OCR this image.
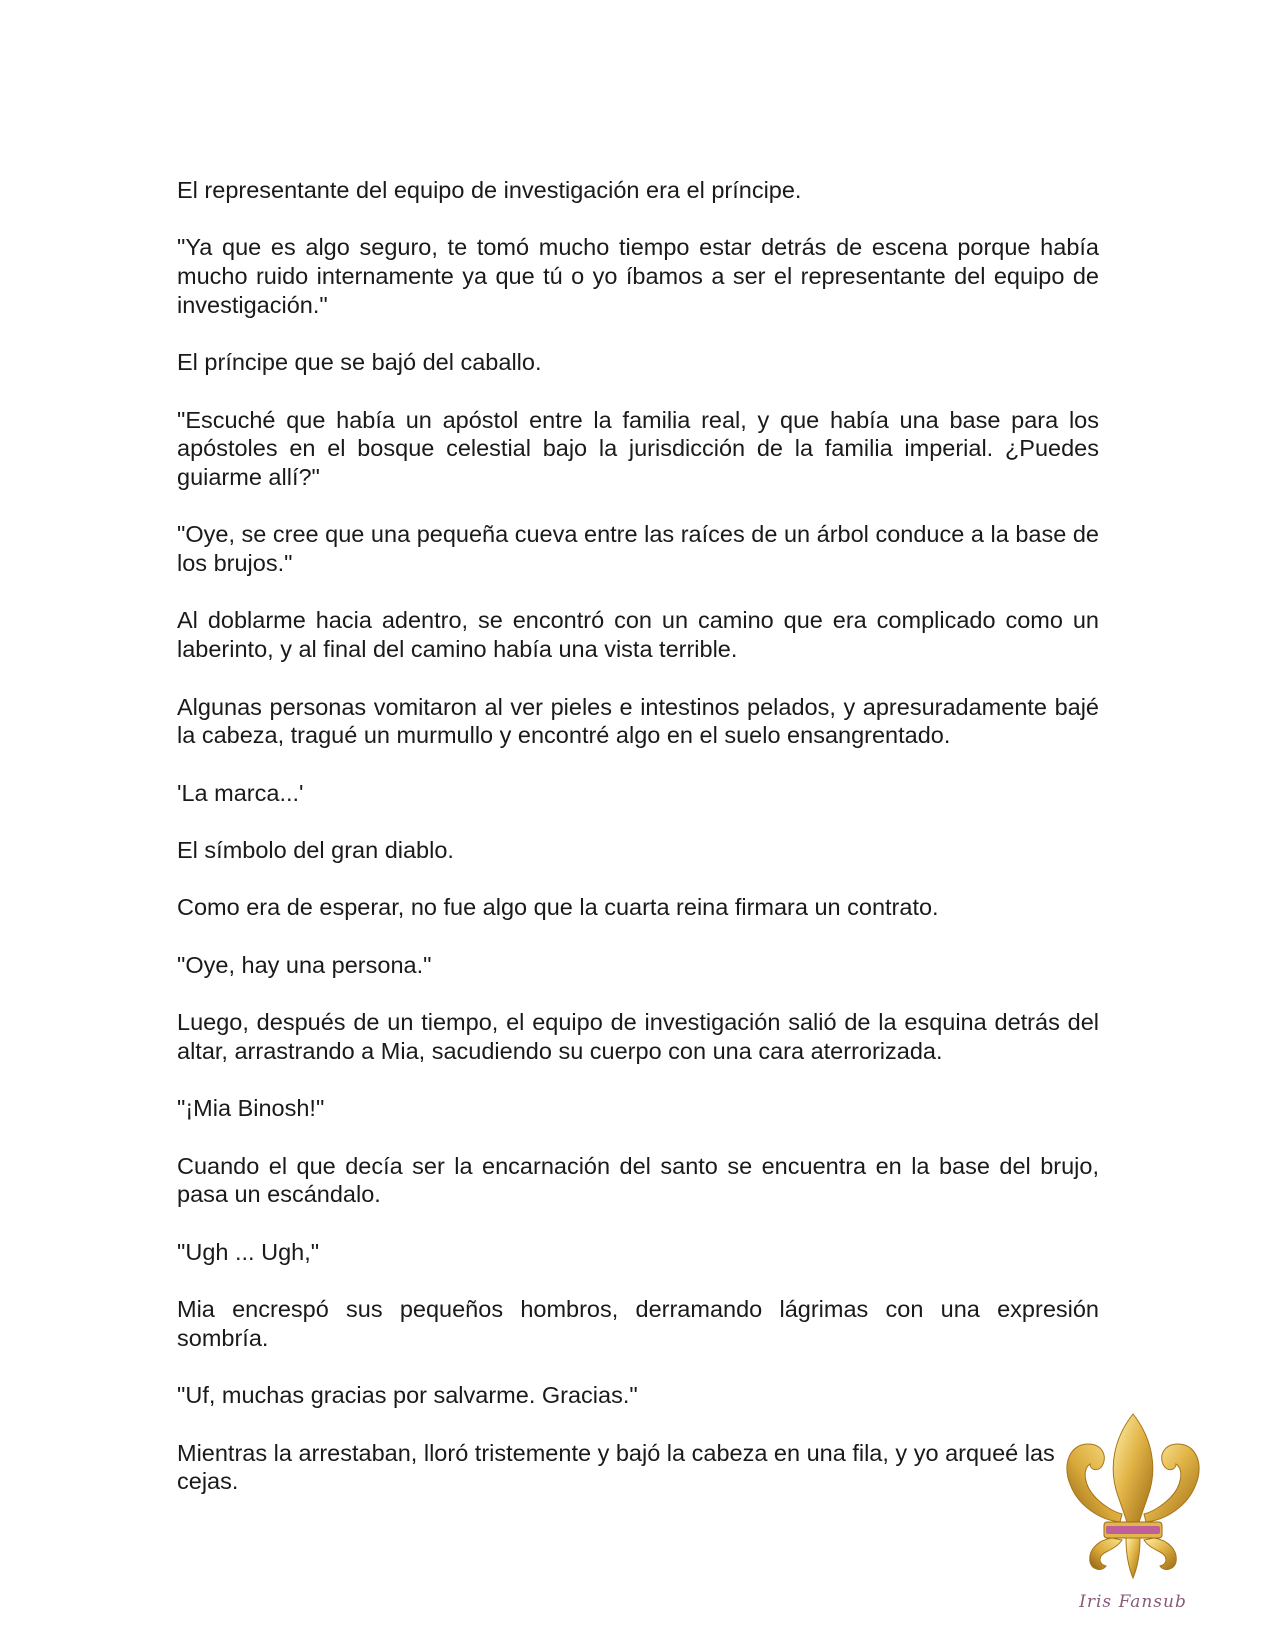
El representante del equipo de investigación era el príncipe.

"Ya que es algo seguro, te tomó mucho tiempo estar detrás de escena porque había mucho ruido internamente ya que tú o yo íbamos a ser el representante del equipo de investigación."

El príncipe que se bajó del caballo.

"Escuché que había un apóstol entre la familia real, y que había una base para los apóstoles en el bosque celestial bajo la jurisdicción de la familia imperial. ¿Puedes guiarme allí?"

"Oye, se cree que una pequeña cueva entre las raíces de un árbol conduce a la base de los brujos."

Al doblarme hacia adentro, se encontró con un camino que era complicado como un laberinto, y al final del camino había una vista terrible.

Algunas personas vomitaron al ver pieles e intestinos pelados, y apresuradamente bajé la cabeza, tragué un murmullo y encontré algo en el suelo ensangrentado.

'La marca...'

El símbolo del gran diablo.

Como era de esperar, no fue algo que la cuarta reina firmara un contrato.

"Oye, hay una persona."

Luego, después de un tiempo, el equipo de investigación salió de la esquina detrás del altar, arrastrando a Mia, sacudiendo su cuerpo con una cara aterrorizada.

"¡Mia Binosh!"

Cuando el que decía ser la encarnación del santo se encuentra en la base del brujo, pasa un escándalo.

"Ugh ... Ugh,"

Mia encrespó sus pequeños hombros, derramando lágrimas con una expresión sombría.

"Uf, muchas gracias por salvarme. Gracias."

Mientras la arrestaban, lloró tristemente y bajó la cabeza en una fila, y yo arqueé las cejas.

Iris Fansub
